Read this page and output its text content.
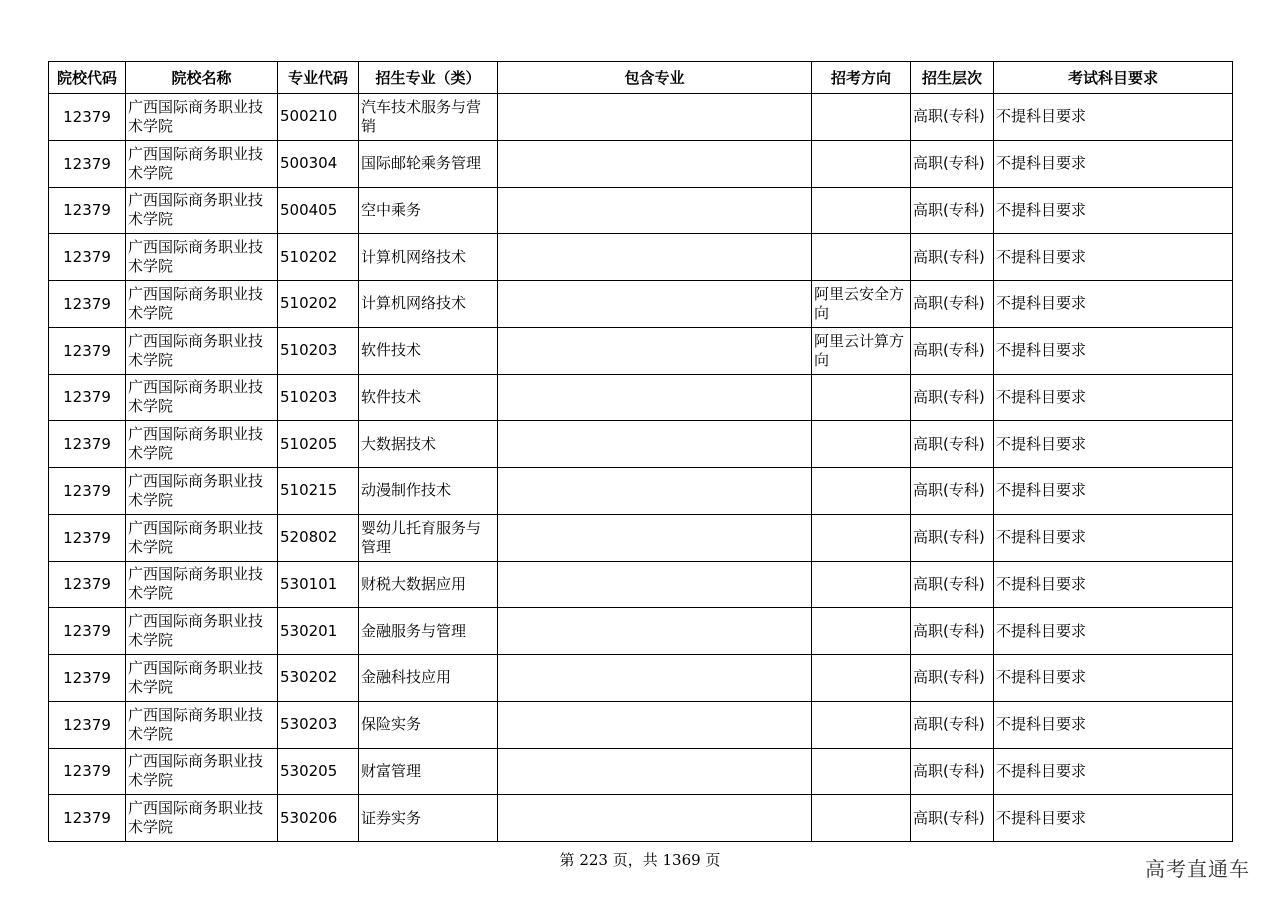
院校代码	院校名称	专业代码	招生专业（类）	包含专业	招考方向	招生层次	考试科目要求
12379	广西国际商务职业技术学院	500210	汽车技术服务与营销			高职(专科)	不提科目要求
12379	广西国际商务职业技术学院	500304	国际邮轮乘务管理			高职(专科)	不提科目要求
12379	广西国际商务职业技术学院	500405	空中乘务			高职(专科)	不提科目要求
12379	广西国际商务职业技术学院	510202	计算机网络技术			高职(专科)	不提科目要求
12379	广西国际商务职业技术学院	510202	计算机网络技术		阿里云安全方向	高职(专科)	不提科目要求
12379	广西国际商务职业技术学院	510203	软件技术		阿里云计算方向	高职(专科)	不提科目要求
12379	广西国际商务职业技术学院	510203	软件技术			高职(专科)	不提科目要求
12379	广西国际商务职业技术学院	510205	大数据技术			高职(专科)	不提科目要求
12379	广西国际商务职业技术学院	510215	动漫制作技术			高职(专科)	不提科目要求
12379	广西国际商务职业技术学院	520802	婴幼儿托育服务与管理			高职(专科)	不提科目要求
12379	广西国际商务职业技术学院	530101	财税大数据应用			高职(专科)	不提科目要求
12379	广西国际商务职业技术学院	530201	金融服务与管理			高职(专科)	不提科目要求
12379	广西国际商务职业技术学院	530202	金融科技应用			高职(专科)	不提科目要求
12379	广西国际商务职业技术学院	530203	保险实务			高职(专科)	不提科目要求
12379	广西国际商务职业技术学院	530205	财富管理			高职(专科)	不提科目要求
12379	广西国际商务职业技术学院	530206	证券实务			高职(专科)	不提科目要求
第 223 页，共 1369 页	高考直通车
